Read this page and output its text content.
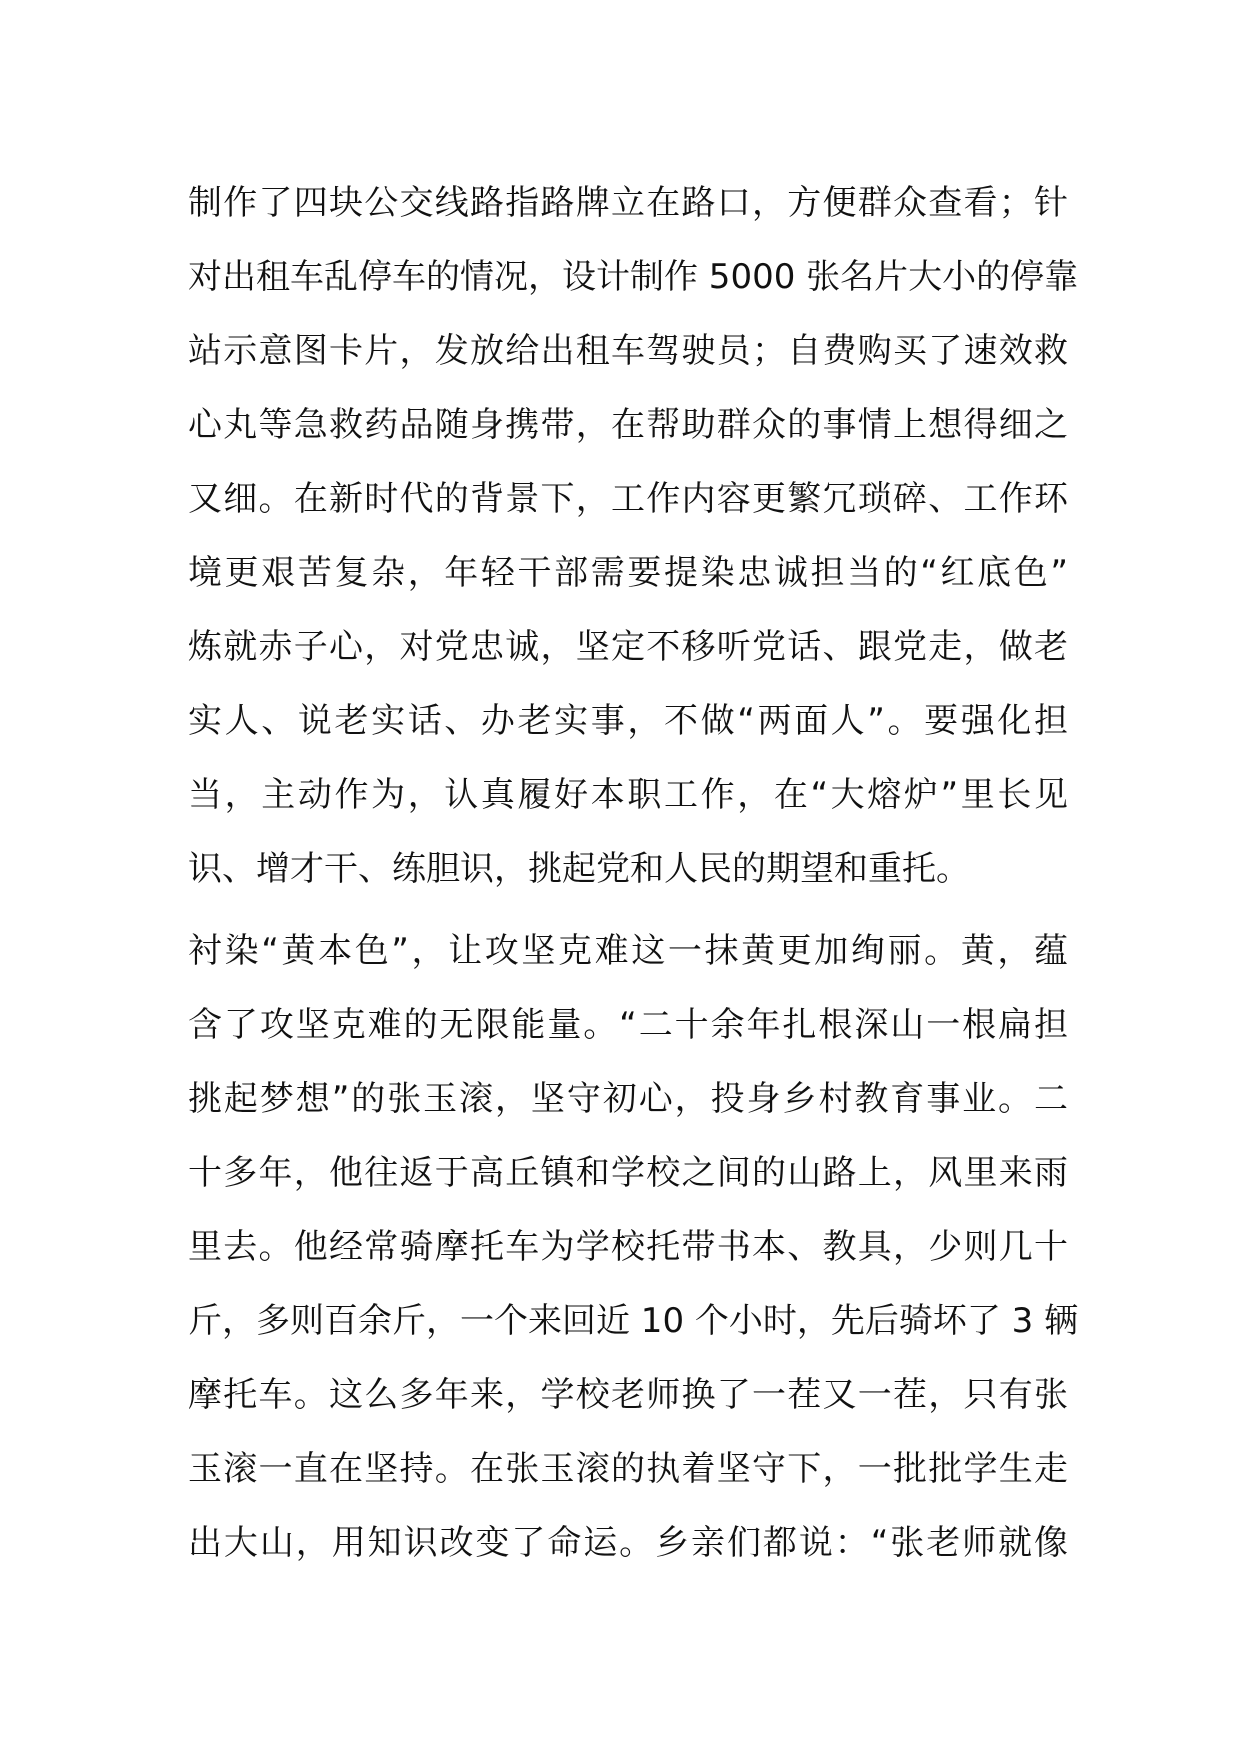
制作了四块公交线路指路牌立在路口，方便群众查看；针
对出租车乱停车的情况，设计制作 5000 张名片大小的停靠
站示意图卡片，发放给出租车驾驶员；自费购买了速效救
心丸等急救药品随身携带，在帮助群众的事情上想得细之
又细。在新时代的背景下，工作内容更繁冗琐碎、工作环
境更艰苦复杂，年轻干部需要提染忠诚担当的“红底色”
炼就赤子心，对党忠诚，坚定不移听党话、跟党走，做老
实人、说老实话、办老实事，不做“两面人”。要强化担
当，主动作为，认真履好本职工作，在“大熔炉”里长见
识、增才干、练胆识，挑起党和人民的期望和重托。

衬染“黄本色”，让攻坚克难这一抹黄更加绚丽。黄，蕴
含了攻坚克难的无限能量。“二十余年扎根深山一根扁担
挑起梦想”的张玉滚，坚守初心，投身乡村教育事业。二
十多年，他往返于高丘镇和学校之间的山路上，风里来雨
里去。他经常骑摩托车为学校托带书本、教具，少则几十
斤，多则百余斤，一个来回近 10 个小时，先后骑坏了 3 辆
摩托车。这么多年来，学校老师换了一茬又一茬，只有张
玉滚一直在坚持。在张玉滚的执着坚守下，一批批学生走
出大山，用知识改变了命运。乡亲们都说：“张老师就像
